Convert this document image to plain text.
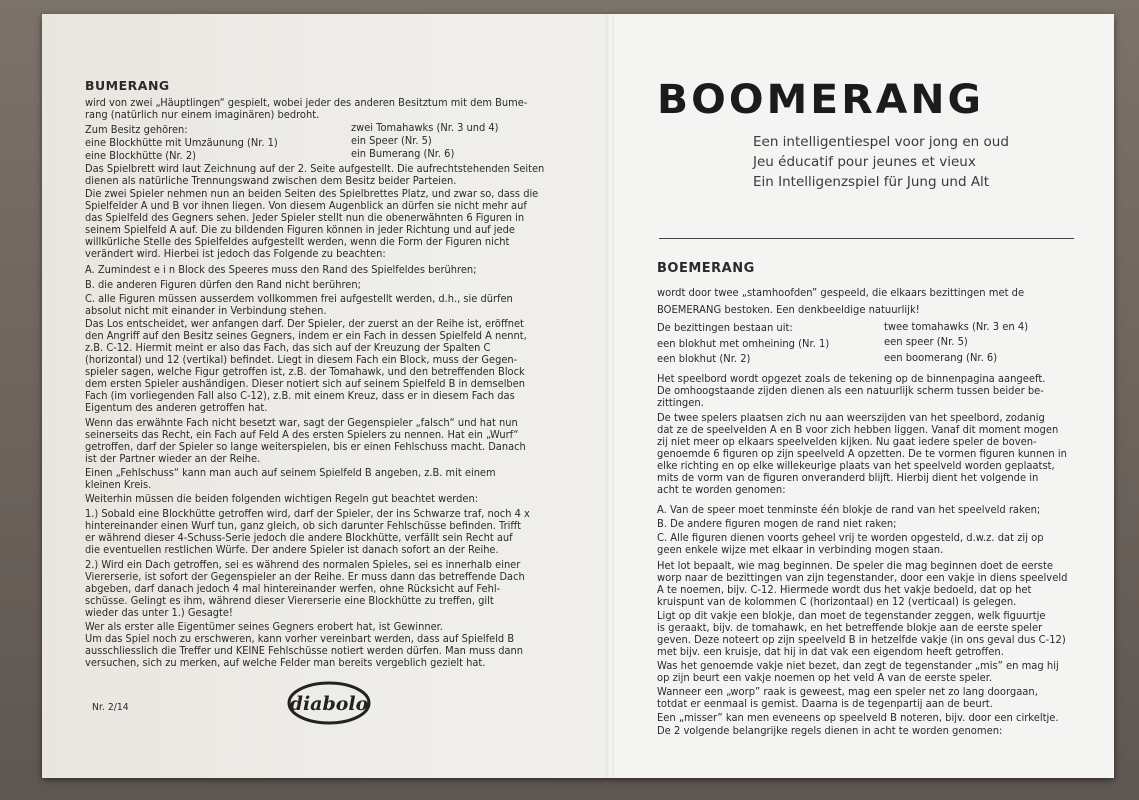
BUMERANG
wird von zwei „Häuptlingen“ gespielt, wobei jeder des anderen Besitztum mit dem Bume-
rang (natürlich nur einem imaginären) bedroht.
Zum Besitz gehören:
eine Blockhütte mit Umzäunung (Nr. 1)
eine Blockhütte (Nr. 2)
zwei Tomahawks (Nr. 3 und 4)
ein Speer (Nr. 5)
ein Bumerang (Nr. 6)
Das Spielbrett wird laut Zeichnung auf der 2. Seite aufgestellt. Die aufrechtstehenden Seiten
dienen als natürliche Trennungswand zwischen dem Besitz beider Parteien.
Die zwei Spieler nehmen nun an beiden Seiten des Spielbrettes Platz, und zwar so, dass die
Spielfelder A und B vor ihnen liegen. Von diesem Augenblick an dürfen sie nicht mehr auf
das Spielfeld des Gegners sehen. Jeder Spieler stellt nun die obenerwähnten 6 Figuren in
seinem Spielfeld A auf. Die zu bildenden Figuren können in jeder Richtung und auf jede
willkürliche Stelle des Spielfeldes aufgestellt werden, wenn die Form der Figuren nicht
verändert wird. Hierbei ist jedoch das Folgende zu beachten:
A. Zumindest e i n Block des Speeres muss den Rand des Spielfeldes berühren;
B. die anderen Figuren dürfen den Rand nicht berühren;
C. alle Figuren müssen ausserdem vollkommen frei aufgestellt werden, d.h., sie dürfen
absolut nicht mit einander in Verbindung stehen.
Das Los entscheidet, wer anfangen darf. Der Spieler, der zuerst an der Reihe ist, eröffnet
den Angriff auf den Besitz seines Gegners, indem er ein Fach in dessen Spielfeld A nennt,
z.B. C-12. Hiermit meint er also das Fach, das sich auf der Kreuzung der Spalten C
(horizontal) und 12 (vertikal) befindet. Liegt in diesem Fach ein Block, muss der Gegen-
spieler sagen, welche Figur getroffen ist, z.B. der Tomahawk, und den betreffenden Block
dem ersten Spieler aushändigen. Dieser notiert sich auf seinem Spielfeld B in demselben
Fach (im vorliegenden Fall also C-12), z.B. mit einem Kreuz, dass er in diesem Fach das
Eigentum des anderen getroffen hat.
Wenn das erwähnte Fach nicht besetzt war, sagt der Gegenspieler „falsch“ und hat nun
seinerseits das Recht, ein Fach auf Feld A des ersten Spielers zu nennen. Hat ein „Wurf“
getroffen, darf der Spieler so lange weiterspielen, bis er einen Fehlschuss macht. Danach
ist der Partner wieder an der Reihe.
Einen „Fehlschuss“ kann man auch auf seinem Spielfeld B angeben, z.B. mit einem
kleinen Kreis.
Weiterhin müssen die beiden folgenden wichtigen Regeln gut beachtet werden:
1.) Sobald eine Blockhütte getroffen wird, darf der Spieler, der ins Schwarze traf, noch 4 x
hintereinander einen Wurf tun, ganz gleich, ob sich darunter Fehlschüsse befinden. Trifft
er während dieser 4-Schuss-Serie jedoch die andere Blockhütte, verfällt sein Recht auf
die eventuellen restlichen Würfe. Der andere Spieler ist danach sofort an der Reihe.
2.) Wird ein Dach getroffen, sei es während des normalen Spieles, sei es innerhalb einer
Viererserie, ist sofort der Gegenspieler an der Reihe. Er muss dann das betreffende Dach
abgeben, darf danach jedoch 4 mal hintereinander werfen, ohne Rücksicht auf Fehl-
schüsse. Gelingt es ihm, während dieser Viererserie eine Blockhütte zu treffen, gilt
wieder das unter 1.) Gesagte!
Wer als erster alle Eigentümer seines Gegners erobert hat, ist Gewinner.
Um das Spiel noch zu erschweren, kann vorher vereinbart werden, dass auf Spielfeld B
ausschliesslich die Treffer und KEINE Fehlschüsse notiert werden dürfen. Man muss dann
versuchen, sich zu merken, auf welche Felder man bereits vergeblich gezielt hat.
Nr. 2/14	diabolo
BOOMERANG
Een intelligentiespel voor jong en oud
Jeu éducatif pour jeunes et vieux
Ein Intelligenzspiel für Jung und Alt
BOEMERANG
wordt door twee „stamhoofden” gespeeld, die elkaars bezittingen met de
BOEMERANG bestoken. Een denkbeeldige natuurlijk!
De bezittingen bestaan uit:
een blokhut met omheining (Nr. 1)
een blokhut (Nr. 2)
twee tomahawks (Nr. 3 en 4)
een speer (Nr. 5)
een boomerang (Nr. 6)
Het speelbord wordt opgezet zoals de tekening op de binnenpagina aangeeft.
De omhoogstaande zijden dienen als een natuurlijk scherm tussen beider be-
zittingen.
De twee spelers plaatsen zich nu aan weerszijden van het speelbord, zodanig
dat ze de speelvelden A en B voor zich hebben liggen. Vanaf dit moment mogen
zij niet meer op elkaars speelvelden kijken. Nu gaat iedere speler de boven-
genoemde 6 figuren op zijn speelveld A opzetten. De te vormen figuren kunnen in
elke richting en op elke willekeurige plaats van het speelveld worden geplaatst,
mits de vorm van de figuren onveranderd blijft. Hierbij dient het volgende in
acht te worden genomen:
A. Van de speer moet tenminste één blokje de rand van het speelveld raken;
B. De andere figuren mogen de rand niet raken;
C. Alle figuren dienen voorts geheel vrij te worden opgesteld, d.w.z. dat zij op
geen enkele wijze met elkaar in verbinding mogen staan.
Het lot bepaalt, wie mag beginnen. De speler die mag beginnen doet de eerste
worp naar de bezittingen van zijn tegenstander, door een vakje in diens speelveld
A te noemen, bijv. C-12. Hiermede wordt dus het vakje bedoeld, dat op het
kruispunt van de kolommen C (horizontaal) en 12 (verticaal) is gelegen.
Ligt op dit vakje een blokje, dan moet de tegenstander zeggen, welk figuurtje
is geraakt, bijv. de tomahawk, en het betreffende blokje aan de eerste speler
geven. Deze noteert op zijn speelveld B in hetzelfde vakje (in ons geval dus C-12)
met bijv. een kruisje, dat hij in dat vak een eigendom heeft getroffen.
Was het genoemde vakje niet bezet, dan zegt de tegenstander „mis” en mag hij
op zijn beurt een vakje noemen op het veld A van de eerste speler.
Wanneer een „worp” raak is geweest, mag een speler net zo lang doorgaan,
totdat er eenmaal is gemist. Daarna is de tegenpartij aan de beurt.
Een „misser” kan men eveneens op speelveld B noteren, bijv. door een cirkeltje.
De 2 volgende belangrijke regels dienen in acht te worden genomen:
